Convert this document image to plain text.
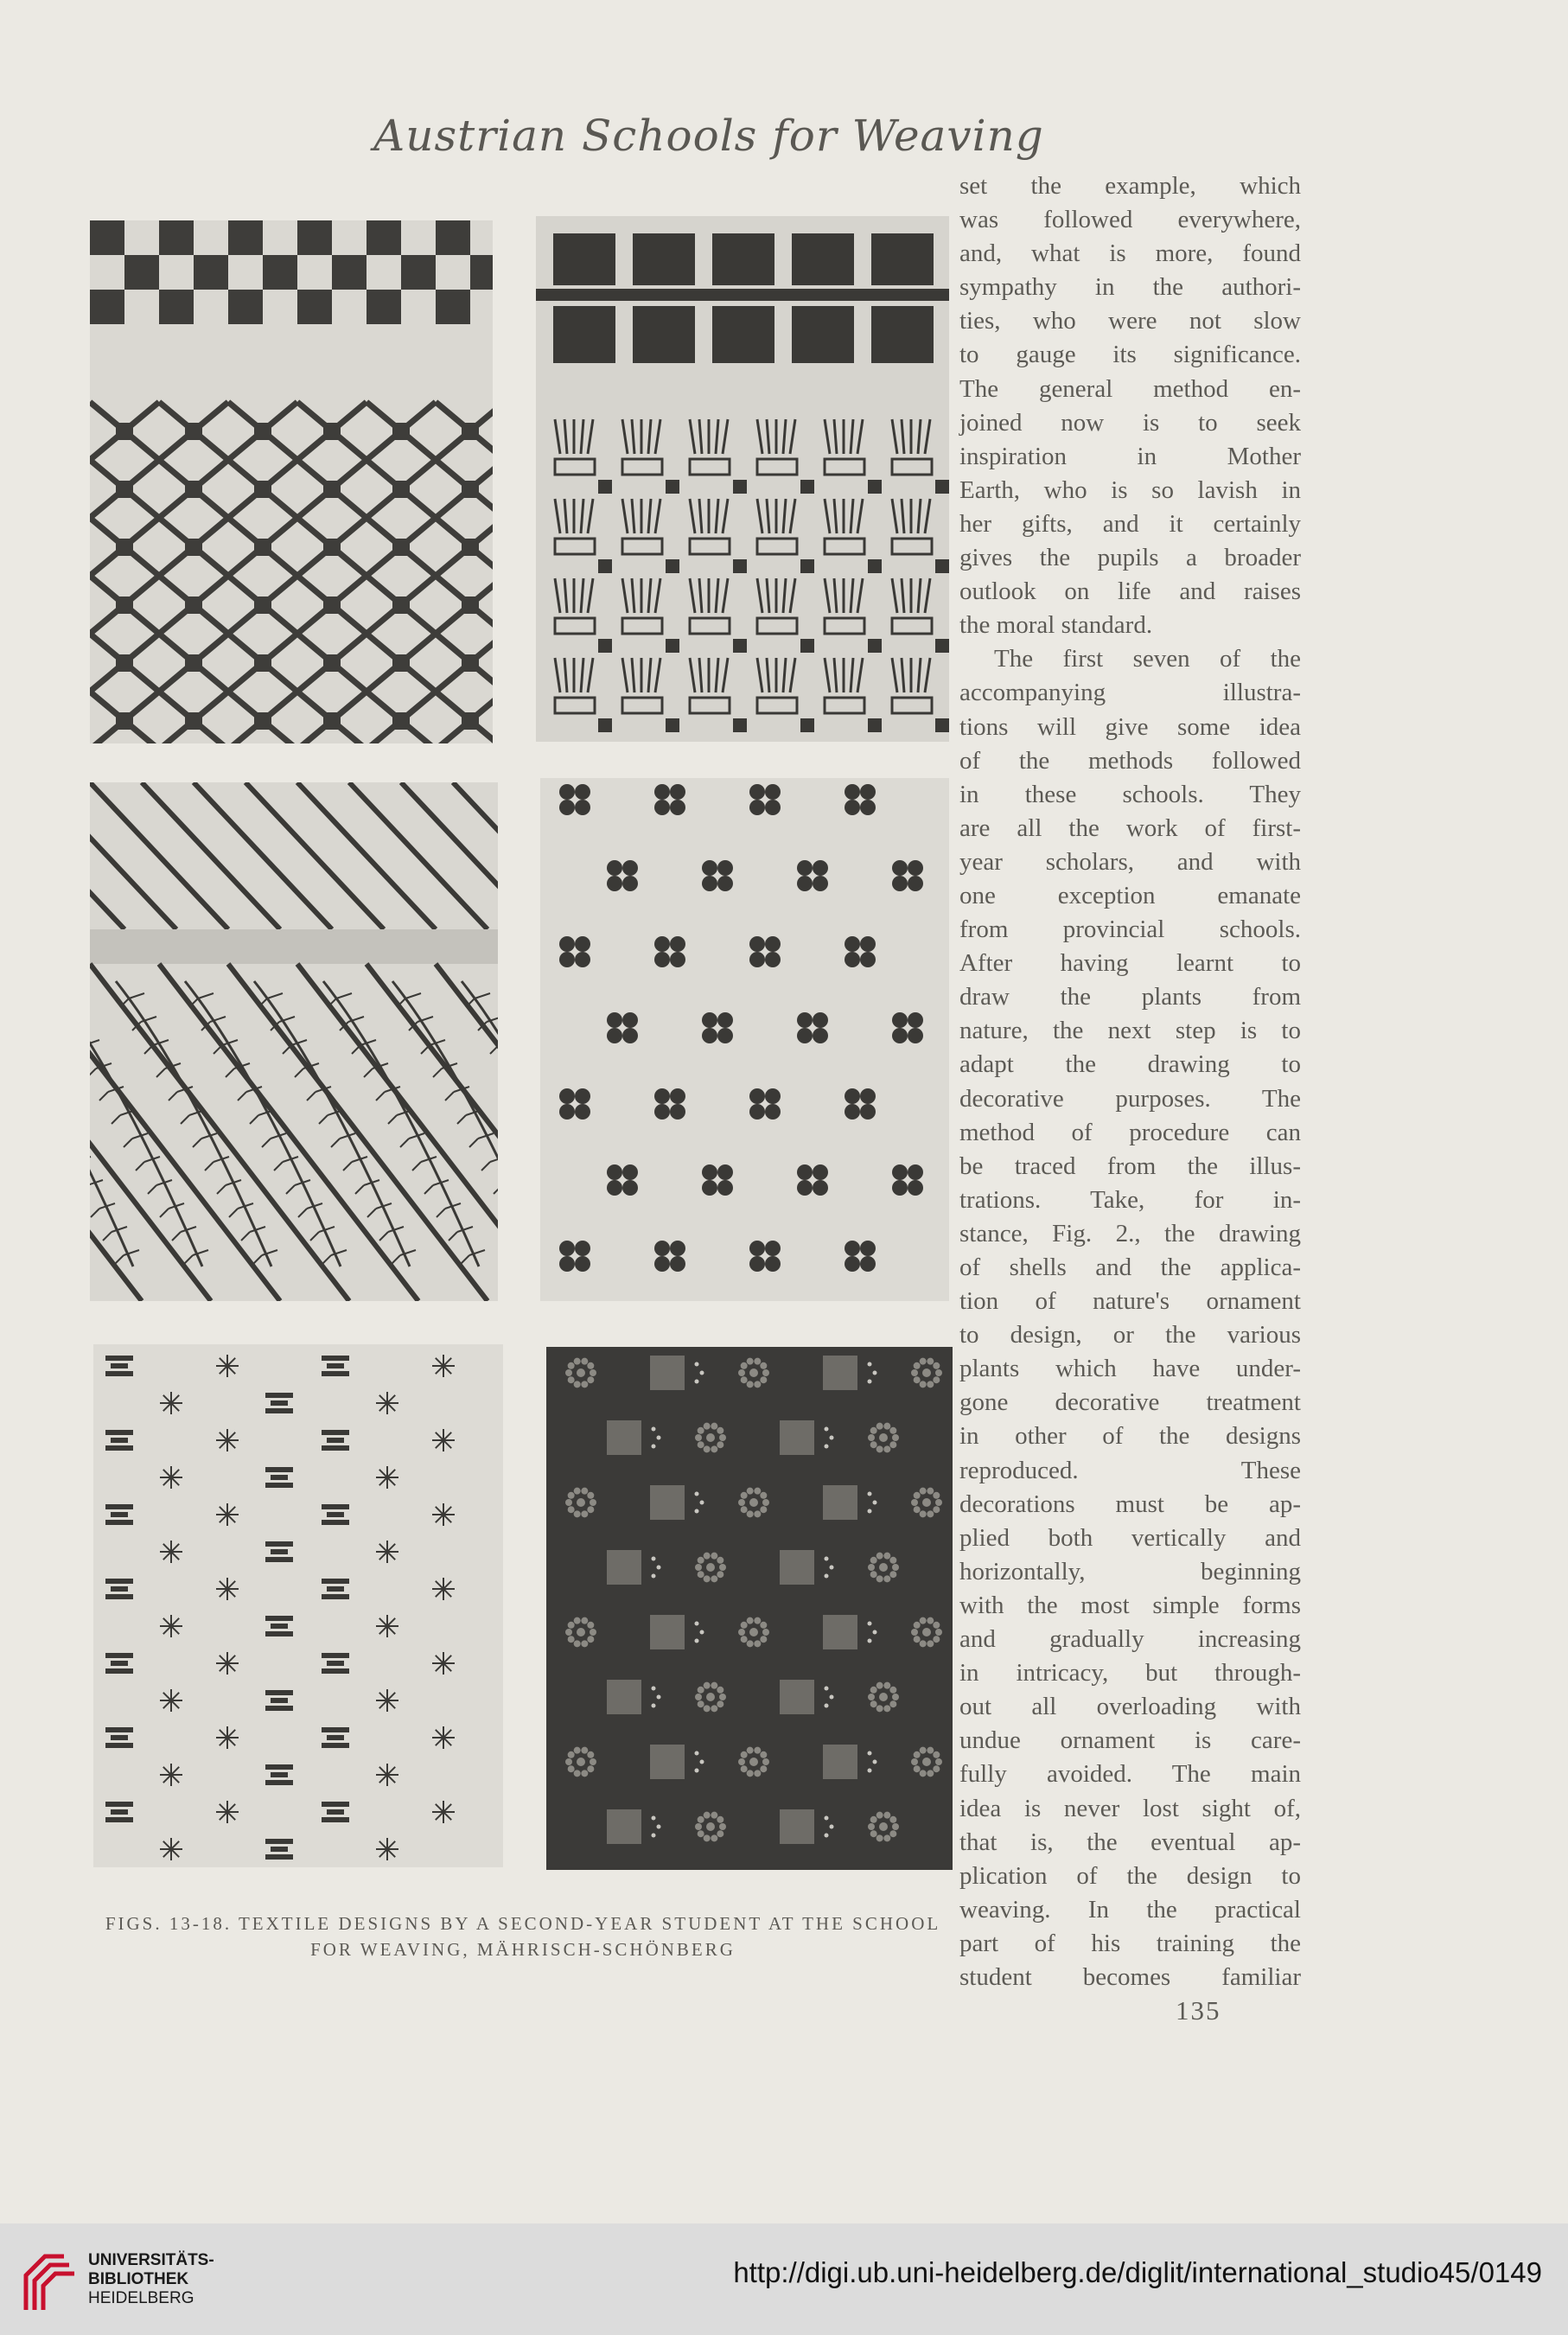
Austrian Schools for Weaving
FIGS. 13-18. TEXTILE DESIGNS BY A SECOND-YEAR STUDENT AT THE SCHOOL
FOR WEAVING, MÄHRISCH-SCHÖNBERG
set the example, which
was followed everywhere,
and, what is more, found
sympathy in the authori-
ties, who were not slow
to gauge its significance.
The general method en-
joined now is to seek
inspiration in Mother
Earth, who is so lavish in
her gifts, and it certainly
gives the pupils a broader
outlook on life and raises
the moral standard.
The first seven of the
accompanying illustra-
tions will give some idea
of the methods followed
in these schools. They
are all the work of first-
year scholars, and with
one exception emanate
from provincial schools.
After having learnt to
draw the plants from
nature, the next step is to
adapt the drawing to
decorative purposes. The
method of procedure can
be traced from the illus-
trations. Take, for in-
stance, Fig. 2., the drawing
of shells and the applica-
tion of nature's ornament
to design, or the various
plants which have under-
gone decorative treatment
in other of the designs
reproduced. These
decorations must be ap-
plied both vertically and
horizontally, beginning
with the most simple forms
and gradually increasing
in intricacy, but through-
out all overloading with
undue ornament is care-
fully avoided. The main
idea is never lost sight of,
that is, the eventual ap-
plication of the design to
weaving. In the practical
part of his training the
student becomes familiar
135
UNIVERSITÄTS-
BIBLIOTHEK
HEIDELBERG
http://digi.ub.uni-heidelberg.de/diglit/international_studio45/0149
